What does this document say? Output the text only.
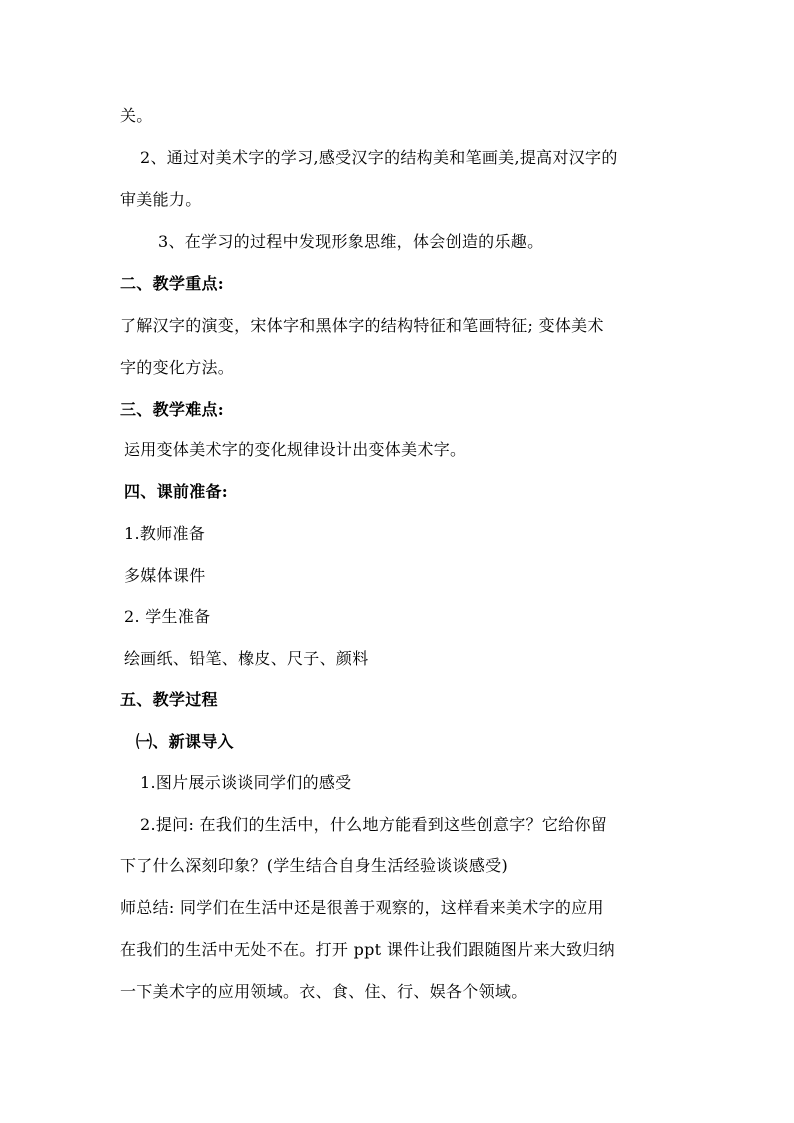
关。
2、通过对美术字的学习,感受汉字的结构美和笔画美,提高对汉字的
审美能力。
3、在学习的过程中发现形象思维，体会创造的乐趣。
二、教学重点:
了解汉字的演变，宋体字和黑体字的结构特征和笔画特征; 变体美术
字的变化方法。
三、教学难点:
运用变体美术字的变化规律设计出变体美术字。
四、课前准备:
1.教师准备
多媒体课件
2. 学生准备
绘画纸、铅笔、橡皮、尺子、颜料
五、教学过程
㈠、新课导入
1.图片展示谈谈同学们的感受
2.提问: 在我们的生活中，什么地方能看到这些创意字？它给你留
下了什么深刻印象？(学生结合自身生活经验谈谈感受)
师总结: 同学们在生活中还是很善于观察的，这样看来美术字的应用
在我们的生活中无处不在。打开 ppt 课件让我们跟随图片来大致归纳
一下美术字的应用领域。衣、食、住、行、娱各个领域。
